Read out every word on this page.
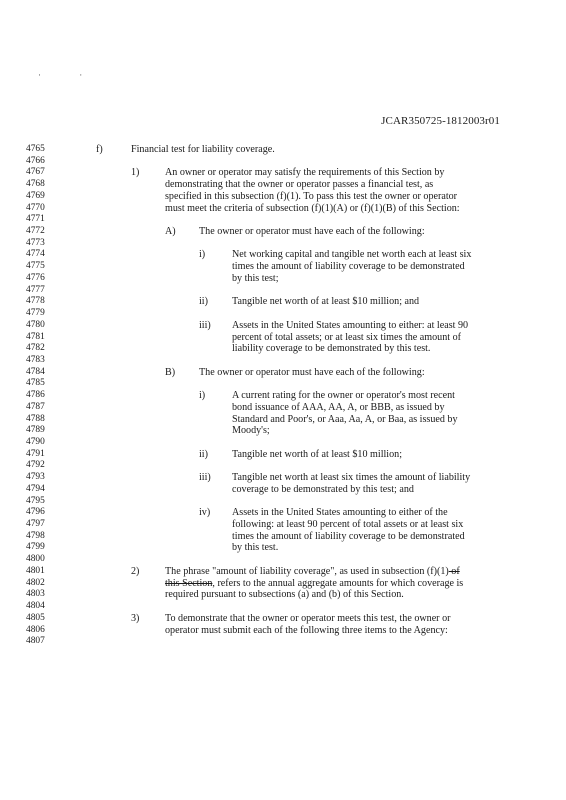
· ·
JCAR350725-1812003r01
4765	f)	Financial test for liability coverage.
4766
4767	1)	An owner or operator may satisfy the requirements of this Section by
4768	demonstrating that the owner or operator passes a financial test, as
4769	specified in this subsection (f)(1). To pass this test the owner or operator
4770	must meet the criteria of subsection (f)(1)(A) or (f)(1)(B) of this Section:
4771
4772	A) The owner or operator must have each of the following:
4773
4774	i)	Net working capital and tangible net worth each at least six
4775	times the amount of liability coverage to be demonstrated
4776	by this test;
4777
4778	ii) Tangible net worth of at least $10 million; and
4779
4780	iii) Assets in the United States amounting to either: at least 90
4781	percent of total assets; or at least six times the amount of
4782	liability coverage to be demonstrated by this test.
4783
4784	B) The owner or operator must have each of the following:
4785
4786	i)	A current rating for the owner or operator's most recent
4787	bond issuance of AAA, AA, A, or BBB, as issued by
4788	Standard and Poor's, or Aaa, Aa, A, or Baa, as issued by
4789	Moody's;
4790
4791	ii) Tangible net worth of at least $10 million;
4792
4793	iii) Tangible net worth at least six times the amount of liability
4794	coverage to be demonstrated by this test; and
4795
4796	iv) Assets in the United States amounting to either of the
4797	following: at least 90 percent of total assets or at least six
4798	times the amount of liability coverage to be demonstrated
4799	by this test.
4800
4801	2)	The phrase "amount of liability coverage", as used in subsection (f)(1) of
4802	this Section, refers to the annual aggregate amounts for which coverage is
4803	required pursuant to subsections (a) and (b) of this Section.
4804
4805	3)	To demonstrate that the owner or operator meets this test, the owner or
4806	operator must submit each of the following three items to the Agency:
4807
